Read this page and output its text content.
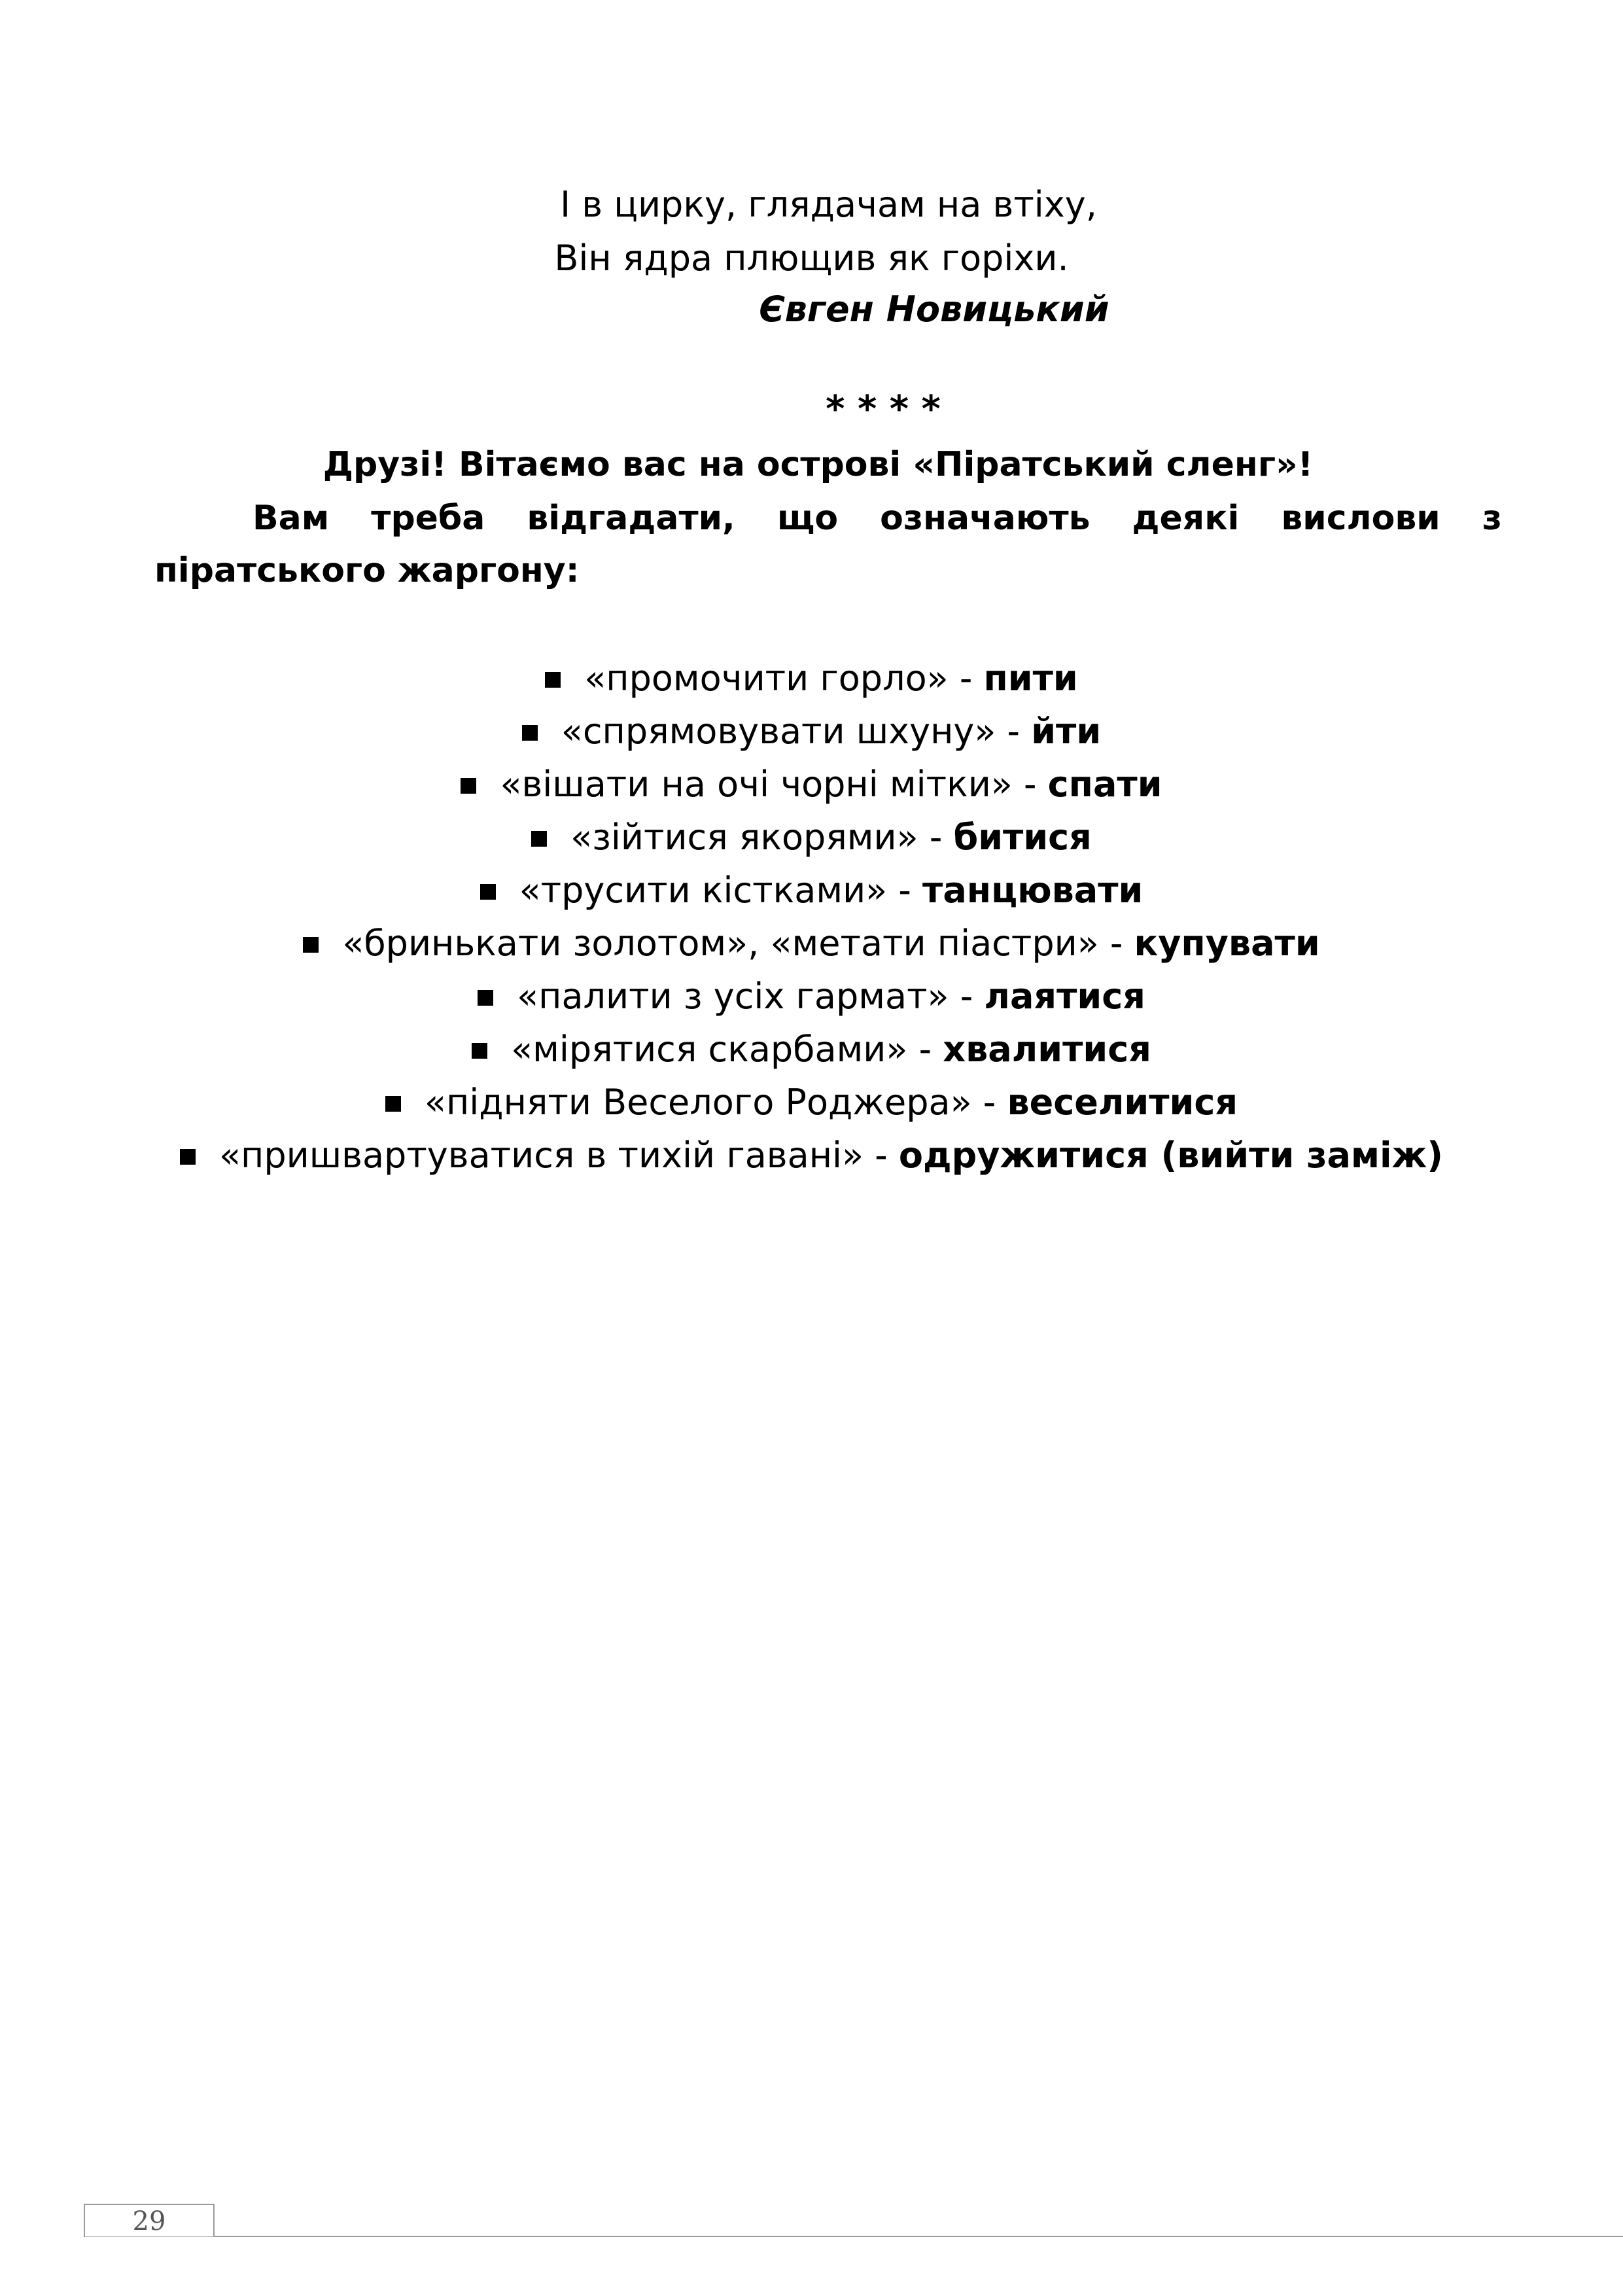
І в цирку, глядачам на втіху,
Він ядра плющив як горіхи.
Євген Новицький
* * * *
Друзі! Вітаємо вас на острові «Піратський сленг»!
Вам треба відгадати, що означають деякі вислови з піратського жаргону:
«промочити горло» - пити
«спрямовувати шхуну» - йти
«вішати на очі чорні мітки» - спати
«зійтися якорями» - битися
«трусити кістками» - танцювати
«бринькати золотом», «метати піастри» - купувати
«палити з усіх гармат» - лаятися
«мірятися скарбами» - хвалитися
«підняти Веселого Роджера» - веселитися
«пришвартуватися в тихій гавані» - одружитися (вийти заміж)
29
